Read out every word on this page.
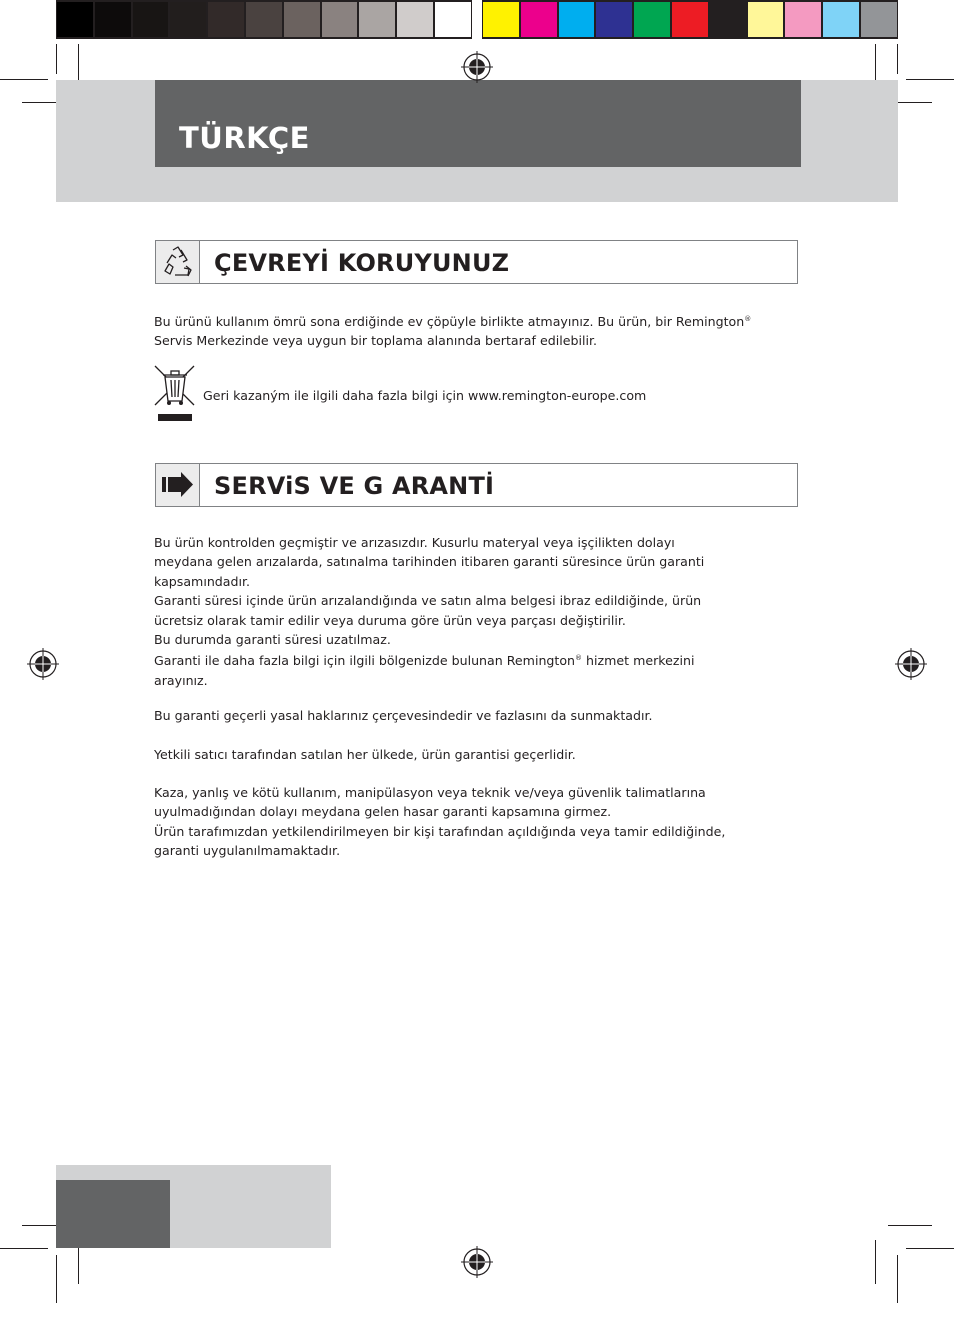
TÜRKÇE
ÇEVREYİ KORUYUNUZ
Bu ürünü kullanım ömrü sona erdiğinde ev çöpüyle birlikte atmayınız. Bu ürün, bir Remington®
Servis Merkezinde veya uygun bir toplama alanında bertaraf edilebilir.
Geri kazaným ile ilgili daha fazla bilgi için www.remington-europe.com
SERViS VE G ARANTİ
Bu ürün kontrolden geçmiştir ve arızasızdır. Kusurlu materyal veya işçilikten dolayı
meydana gelen arızalarda, satınalma tarihinden itibaren garanti süresince ürün garanti
kapsamındadır.
Garanti süresi içinde ürün arızalandığında ve satın alma belgesi ibraz edildiğinde, ürün
ücretsiz olarak tamir edilir veya duruma göre ürün veya parçası değiştirilir.
Bu durumda garanti süresi uzatılmaz.
Garanti ile daha fazla bilgi için ilgili bölgenizde bulunan Remington® hizmet merkezini
arayınız.
Bu garanti geçerli yasal haklarınız çerçevesindedir ve fazlasını da sunmaktadır.
Yetkili satıcı tarafından satılan her ülkede, ürün garantisi geçerlidir.
Kaza, yanlış ve kötü kullanım, manipülasyon veya teknik ve/veya güvenlik talimatlarına
uyulmadığından dolayı meydana gelen hasar garanti kapsamına girmez.
Ürün tarafımızdan yetkilendirilmeyen bir kişi tarafından açıldığında veya tamir edildiğinde,
garanti uygulanılmamaktadır.
